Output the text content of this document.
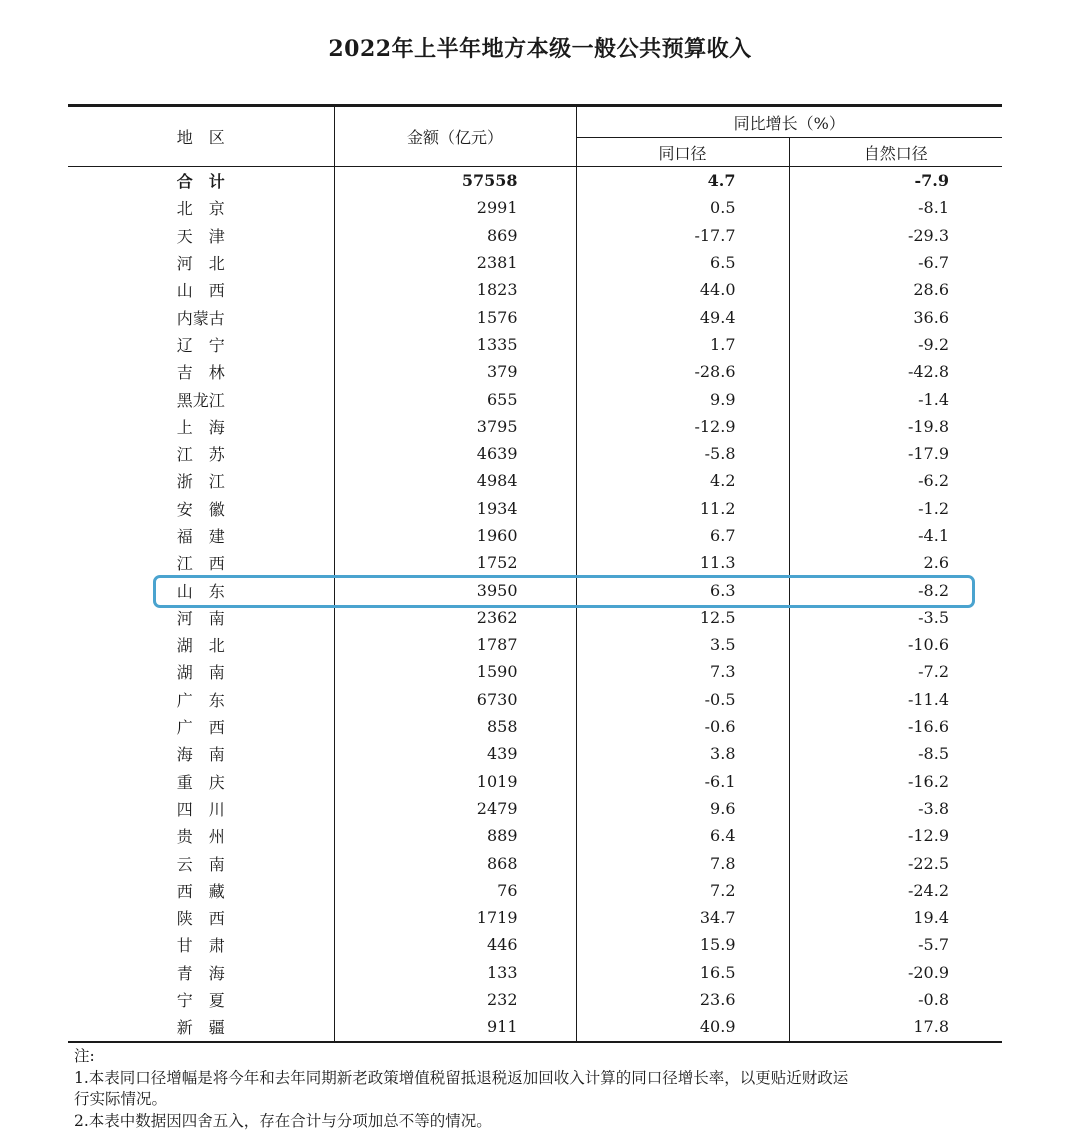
2022年上半年地方本级一般公共预算收入
地　区	金额（亿元）	同比增长（%）	
		同口径	自然口径
合　计	57558	4.7	-7.9
北　京	2991	0.5	-8.1
天　津	869	-17.7	-29.3
河　北	2381	6.5	-6.7
山　西	1823	44.0	28.6
内蒙古	1576	49.4	36.6
辽　宁	1335	1.7	-9.2
吉　林	379	-28.6	-42.8
黑龙江	655	9.9	-1.4
上　海	3795	-12.9	-19.8
江　苏	4639	-5.8	-17.9
浙　江	4984	4.2	-6.2
安　徽	1934	11.2	-1.2
福　建	1960	6.7	-4.1
江　西	1752	11.3	2.6
山　东	3950	6.3	-8.2
河　南	2362	12.5	-3.5
湖　北	1787	3.5	-10.6
湖　南	1590	7.3	-7.2
广　东	6730	-0.5	-11.4
广　西	858	-0.6	-16.6
海　南	439	3.8	-8.5
重　庆	1019	-6.1	-16.2
四　川	2479	9.6	-3.8
贵　州	889	6.4	-12.9
云　南	868	7.8	-22.5
西　藏	76	7.2	-24.2
陕　西	1719	34.7	19.4
甘　肃	446	15.9	-5.7
青　海	133	16.5	-20.9
宁　夏	232	23.6	-0.8
新　疆	911	40.9	17.8
注:
1.本表同口径增幅是将今年和去年同期新老政策增值税留抵退税返加回收入计算的同口径增长率，以更贴近财政运
行实际情况。
2.本表中数据因四舍五入，存在合计与分项加总不等的情况。
